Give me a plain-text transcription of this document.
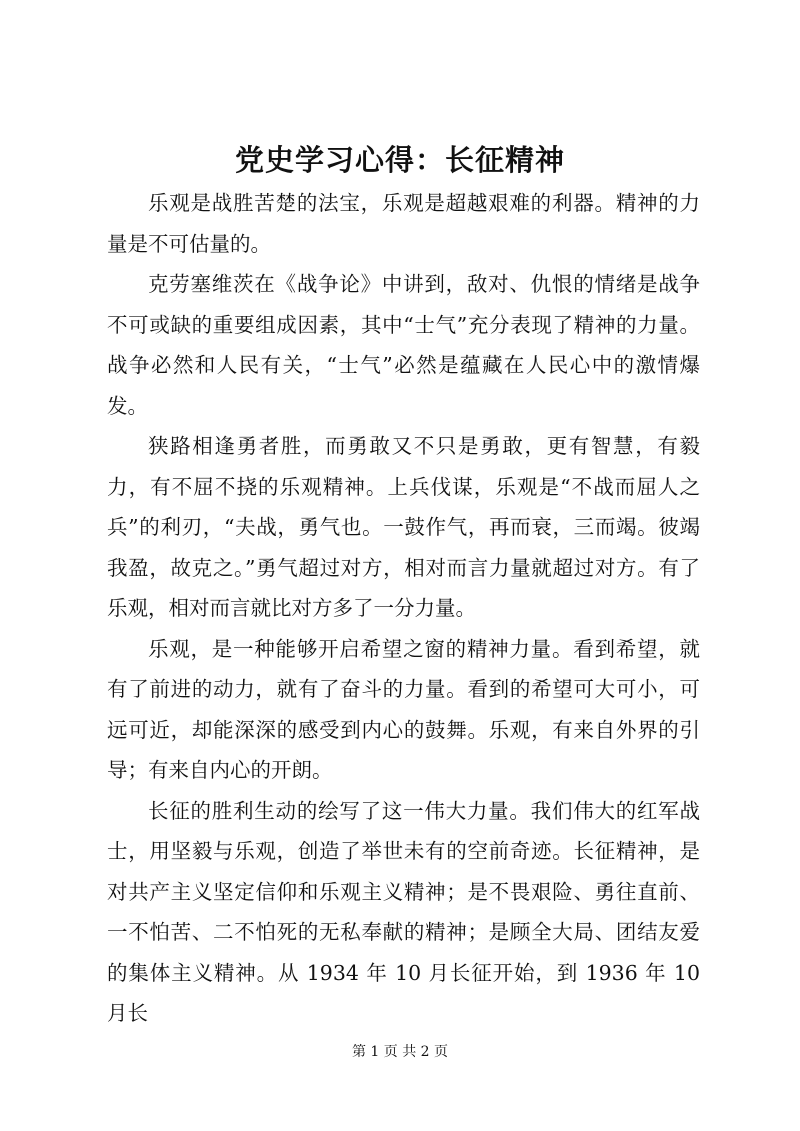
党史学习心得：长征精神

乐观是战胜苦楚的法宝，乐观是超越艰难的利器。精神的力量是不可估量的。

克劳塞维茨在《战争论》中讲到，敌对、仇恨的情绪是战争不可或缺的重要组成因素，其中“士气”充分表现了精神的力量。战争必然和人民有关，“士气”必然是蕴藏在人民心中的激情爆发。

狭路相逢勇者胜，而勇敢又不只是勇敢，更有智慧，有毅力，有不屈不挠的乐观精神。上兵伐谋，乐观是“不战而屈人之兵”的利刃，“夫战，勇气也。一鼓作气，再而衰，三而竭。彼竭我盈，故克之。”勇气超过对方，相对而言力量就超过对方。有了乐观，相对而言就比对方多了一分力量。

乐观，是一种能够开启希望之窗的精神力量。看到希望，就有了前进的动力，就有了奋斗的力量。看到的希望可大可小，可远可近，却能深深的感受到内心的鼓舞。乐观，有来自外界的引导；有来自内心的开朗。

长征的胜利生动的绘写了这一伟大力量。我们伟大的红军战士，用坚毅与乐观，创造了举世未有的空前奇迹。长征精神，是对共产主义坚定信仰和乐观主义精神；是不畏艰险、勇往直前、一不怕苦、二不怕死的无私奉献的精神；是顾全大局、团结友爱的集体主义精神。从 1934 年 10 月长征开始，到 1936 年 10 月长

第 1 页 共 2 页
